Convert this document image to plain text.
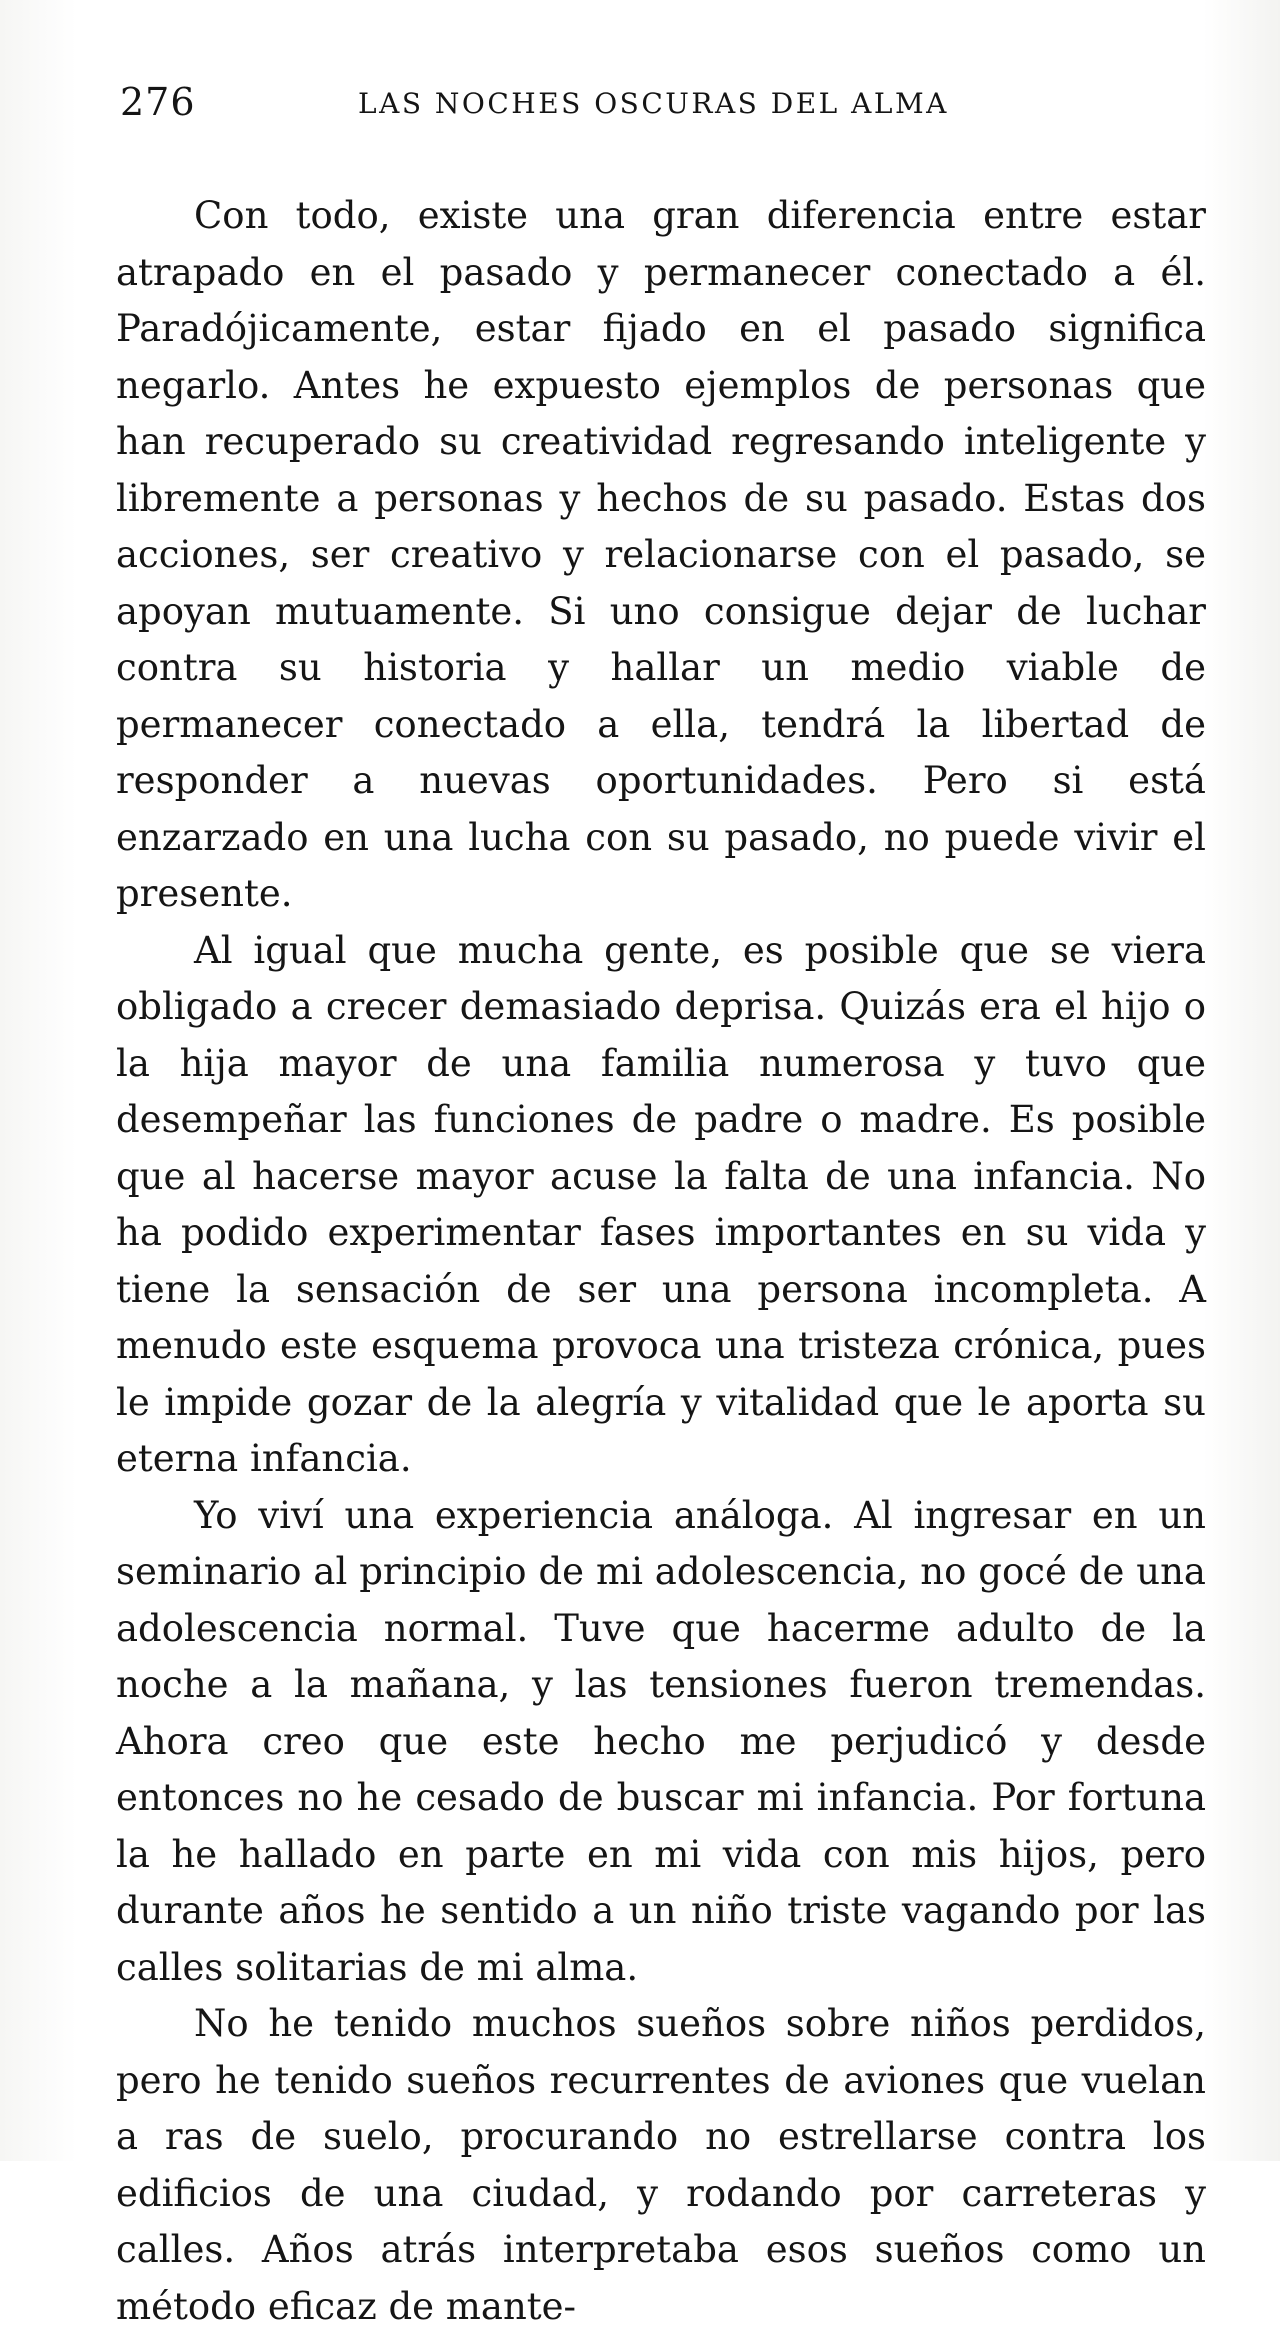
276	LAS NOCHES OSCURAS DEL ALMA

Con todo, existe una gran diferencia entre estar atrapado en el pasado y permanecer conectado a él. Paradójicamente, estar fijado en el pasado significa negarlo. Antes he expuesto ejemplos de personas que han recuperado su creatividad regresando inteligente y libremente a personas y hechos de su pasado. Estas dos acciones, ser creativo y relacionarse con el pasado, se apoyan mutuamente. Si uno consigue dejar de luchar contra su historia y hallar un medio viable de permanecer conectado a ella, tendrá la libertad de responder a nuevas oportunidades. Pero si está enzarzado en una lucha con su pasado, no puede vivir el presente.

Al igual que mucha gente, es posible que se viera obligado a crecer demasiado deprisa. Quizás era el hijo o la hija mayor de una familia numerosa y tuvo que desempeñar las funciones de padre o madre. Es posible que al hacerse mayor acuse la falta de una infancia. No ha podido experimentar fases importantes en su vida y tiene la sensación de ser una persona incompleta. A menudo este esquema provoca una tristeza crónica, pues le impide gozar de la alegría y vitalidad que le aporta su eterna infancia.

Yo viví una experiencia análoga. Al ingresar en un seminario al principio de mi adolescencia, no gocé de una adolescencia normal. Tuve que hacerme adulto de la noche a la mañana, y las tensiones fueron tremendas. Ahora creo que este hecho me perjudicó y desde entonces no he cesado de buscar mi infancia. Por fortuna la he hallado en parte en mi vida con mis hijos, pero durante años he sentido a un niño triste vagando por las calles solitarias de mi alma.

No he tenido muchos sueños sobre niños perdidos, pero he tenido sueños recurrentes de aviones que vuelan a ras de suelo, procurando no estrellarse contra los edificios de una ciudad, y rodando por carreteras y calles. Años atrás interpretaba esos sueños como un método eficaz de mante-
